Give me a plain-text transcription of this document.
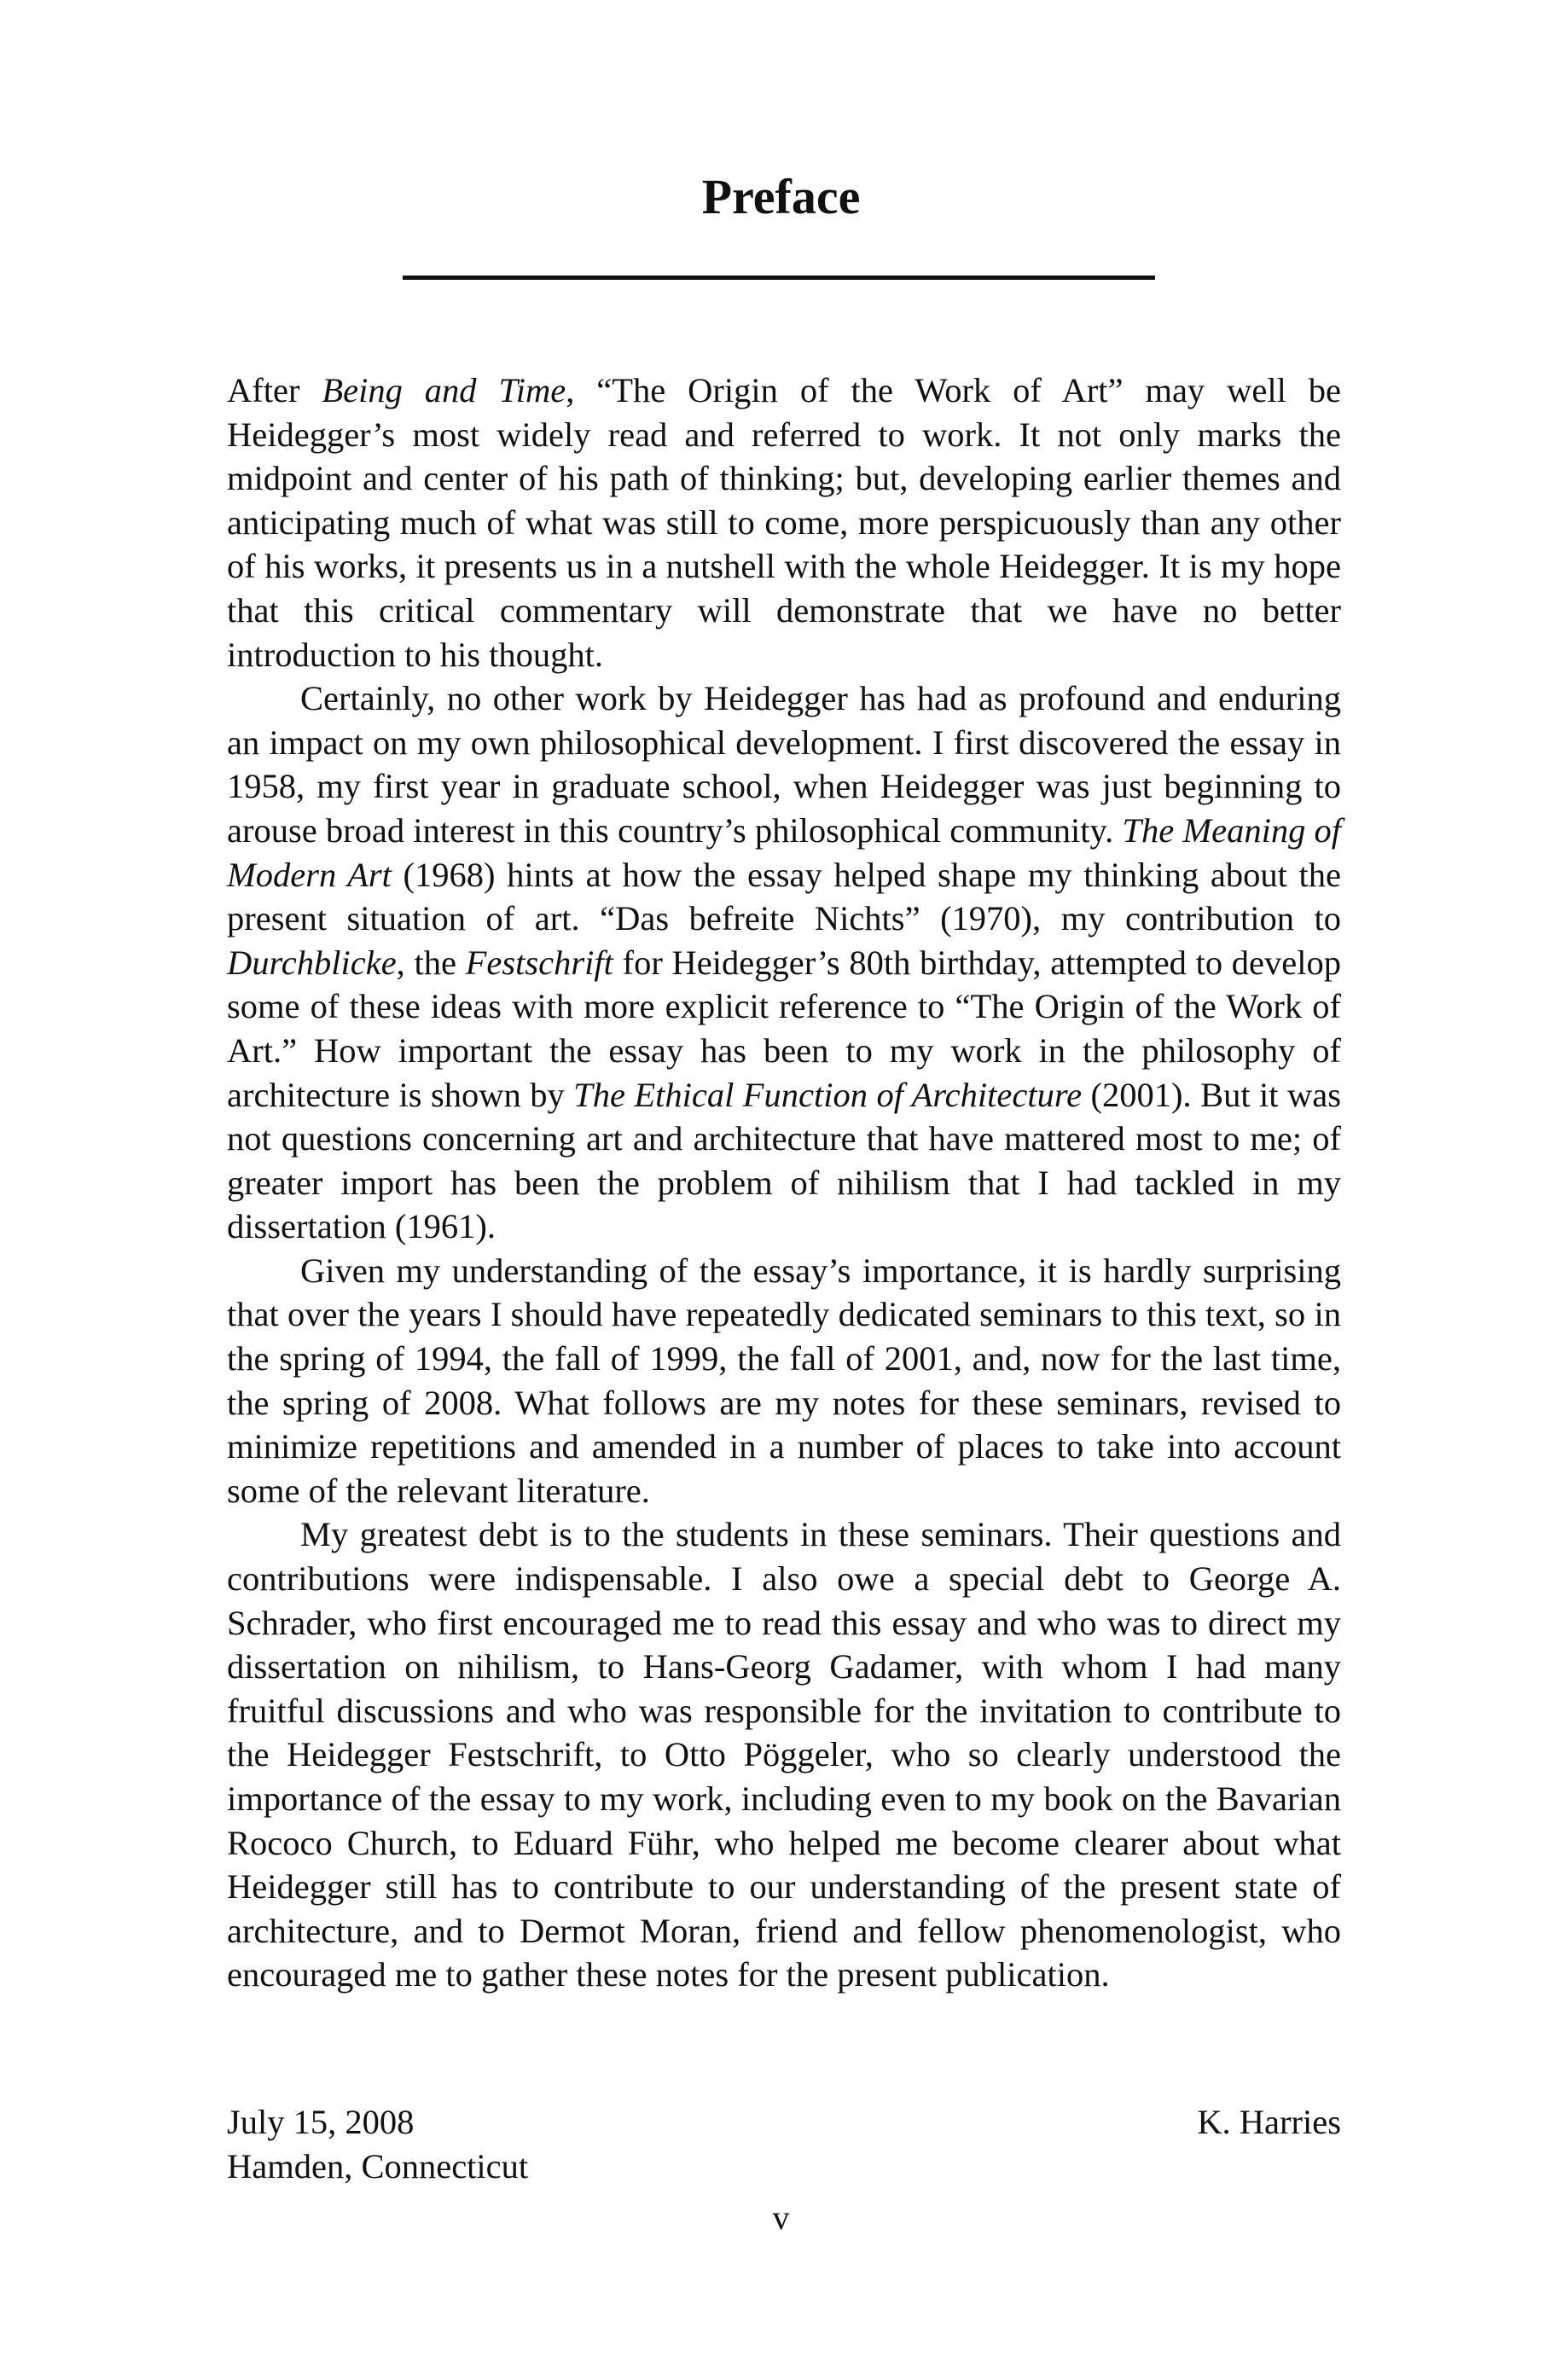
Preface

After Being and Time, “The Origin of the Work of Art” may well be Heidegger’s most widely read and referred to work. It not only marks the midpoint and center of his path of thinking; but, developing earlier themes and anticipating much of what was still to come, more perspicuously than any other of his works, it presents us in a nutshell with the whole Heidegger. It is my hope that this critical commentary will demonstrate that we have no better introduction to his thought.

Certainly, no other work by Heidegger has had as profound and enduring an impact on my own philosophical development. I first discovered the essay in 1958, my first year in graduate school, when Heidegger was just beginning to arouse broad interest in this country’s philosophical community. The Meaning of Modern Art (1968) hints at how the essay helped shape my thinking about the present situation of art. “Das befreite Nichts” (1970), my contribution to Durchblicke, the Festschrift for Heidegger’s 80th birthday, attempted to develop some of these ideas with more explicit reference to “The Origin of the Work of Art.” How important the essay has been to my work in the philosophy of architecture is shown by The Ethical Function of Architecture (2001). But it was not questions concerning art and architecture that have mattered most to me; of greater import has been the problem of nihilism that I had tackled in my dissertation (1961).

Given my understanding of the essay’s importance, it is hardly surprising that over the years I should have repeatedly dedicated seminars to this text, so in the spring of 1994, the fall of 1999, the fall of 2001, and, now for the last time, the spring of 2008. What follows are my notes for these seminars, revised to minimize repetitions and amended in a number of places to take into account some of the relevant literature.

My greatest debt is to the students in these seminars. Their questions and contributions were indispensable. I also owe a special debt to George A. Schrader, who first encouraged me to read this essay and who was to direct my dissertation on nihilism, to Hans-Georg Gadamer, with whom I had many fruitful discussions and who was responsible for the invitation to contribute to the Heidegger Festschrift, to Otto Pöggeler, who so clearly understood the importance of the essay to my work, including even to my book on the Bavarian Rococo Church, to Eduard Führ, who helped me become clearer about what Heidegger still has to contribute to our understanding of the present state of architecture, and to Dermot Moran, friend and fellow phenomenologist, who encouraged me to gather these notes for the present publication.

July 15, 2008
Hamden, Connecticut
K. Harries
v
